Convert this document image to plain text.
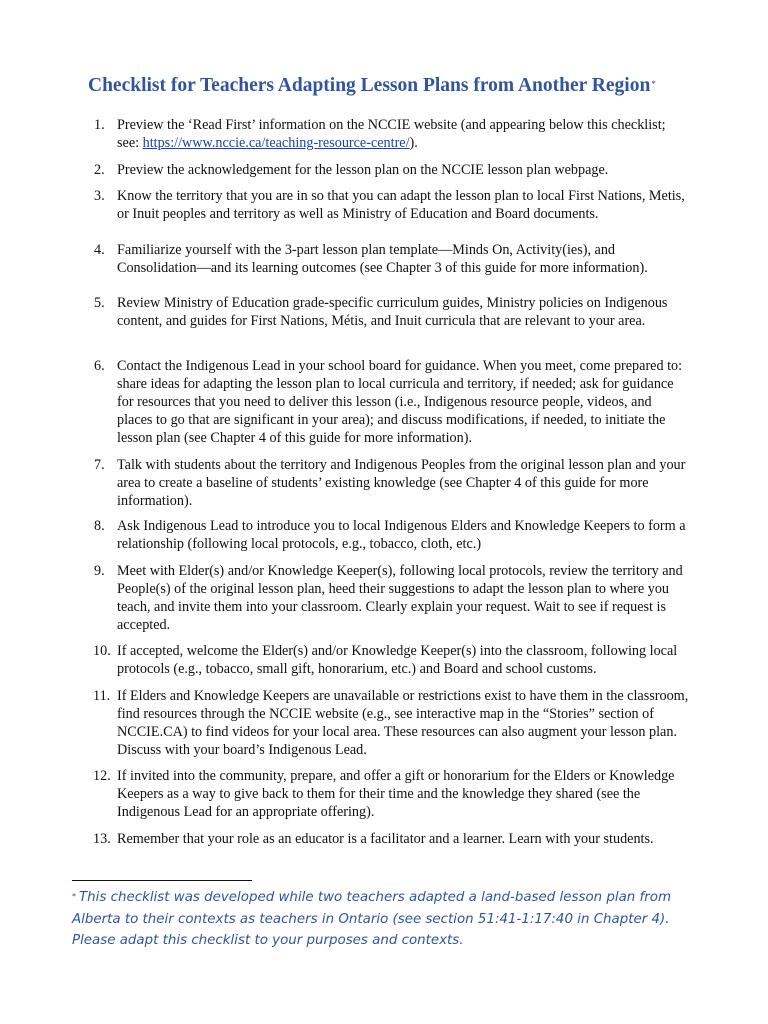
Checklist for Teachers Adapting Lesson Plans from Another Region*
1. Preview the ‘Read First’ information on the NCCIE website (and appearing below this checklist; see: https://www.nccie.ca/teaching-resource-centre/).
2. Preview the acknowledgement for the lesson plan on the NCCIE lesson plan webpage.
3. Know the territory that you are in so that you can adapt the lesson plan to local First Nations, Metis, or Inuit peoples and territory as well as Ministry of Education and Board documents.
4. Familiarize yourself with the 3-part lesson plan template—Minds On, Activity(ies), and Consolidation—and its learning outcomes (see Chapter 3 of this guide for more information).
5. Review Ministry of Education grade-specific curriculum guides, Ministry policies on Indigenous content, and guides for First Nations, Métis, and Inuit curricula that are relevant to your area.
6. Contact the Indigenous Lead in your school board for guidance. When you meet, come prepared to: share ideas for adapting the lesson plan to local curricula and territory, if needed; ask for guidance for resources that you need to deliver this lesson (i.e., Indigenous resource people, videos, and places to go that are significant in your area); and discuss modifications, if needed, to initiate the lesson plan (see Chapter 4 of this guide for more information).
7. Talk with students about the territory and Indigenous Peoples from the original lesson plan and your area to create a baseline of students’ existing knowledge (see Chapter 4 of this guide for more information).
8. Ask Indigenous Lead to introduce you to local Indigenous Elders and Knowledge Keepers to form a relationship (following local protocols, e.g., tobacco, cloth, etc.)
9. Meet with Elder(s) and/or Knowledge Keeper(s), following local protocols, review the territory and People(s) of the original lesson plan, heed their suggestions to adapt the lesson plan to where you teach, and invite them into your classroom. Clearly explain your request. Wait to see if request is accepted.
10. If accepted, welcome the Elder(s) and/or Knowledge Keeper(s) into the classroom, following local protocols (e.g., tobacco, small gift, honorarium, etc.) and Board and school customs.
11. If Elders and Knowledge Keepers are unavailable or restrictions exist to have them in the classroom, find resources through the NCCIE website (e.g., see interactive map in the “Stories” section of NCCIE.CA) to find videos for your local area. These resources can also augment your lesson plan. Discuss with your board’s Indigenous Lead.
12. If invited into the community, prepare, and offer a gift or honorarium for the Elders or Knowledge Keepers as a way to give back to them for their time and the knowledge they shared (see the Indigenous Lead for an appropriate offering).
13. Remember that your role as an educator is a facilitator and a learner. Learn with your students.
* This checklist was developed while two teachers adapted a land-based lesson plan from Alberta to their contexts as teachers in Ontario (see section 51:41-1:17:40 in Chapter 4). Please adapt this checklist to your purposes and contexts.
